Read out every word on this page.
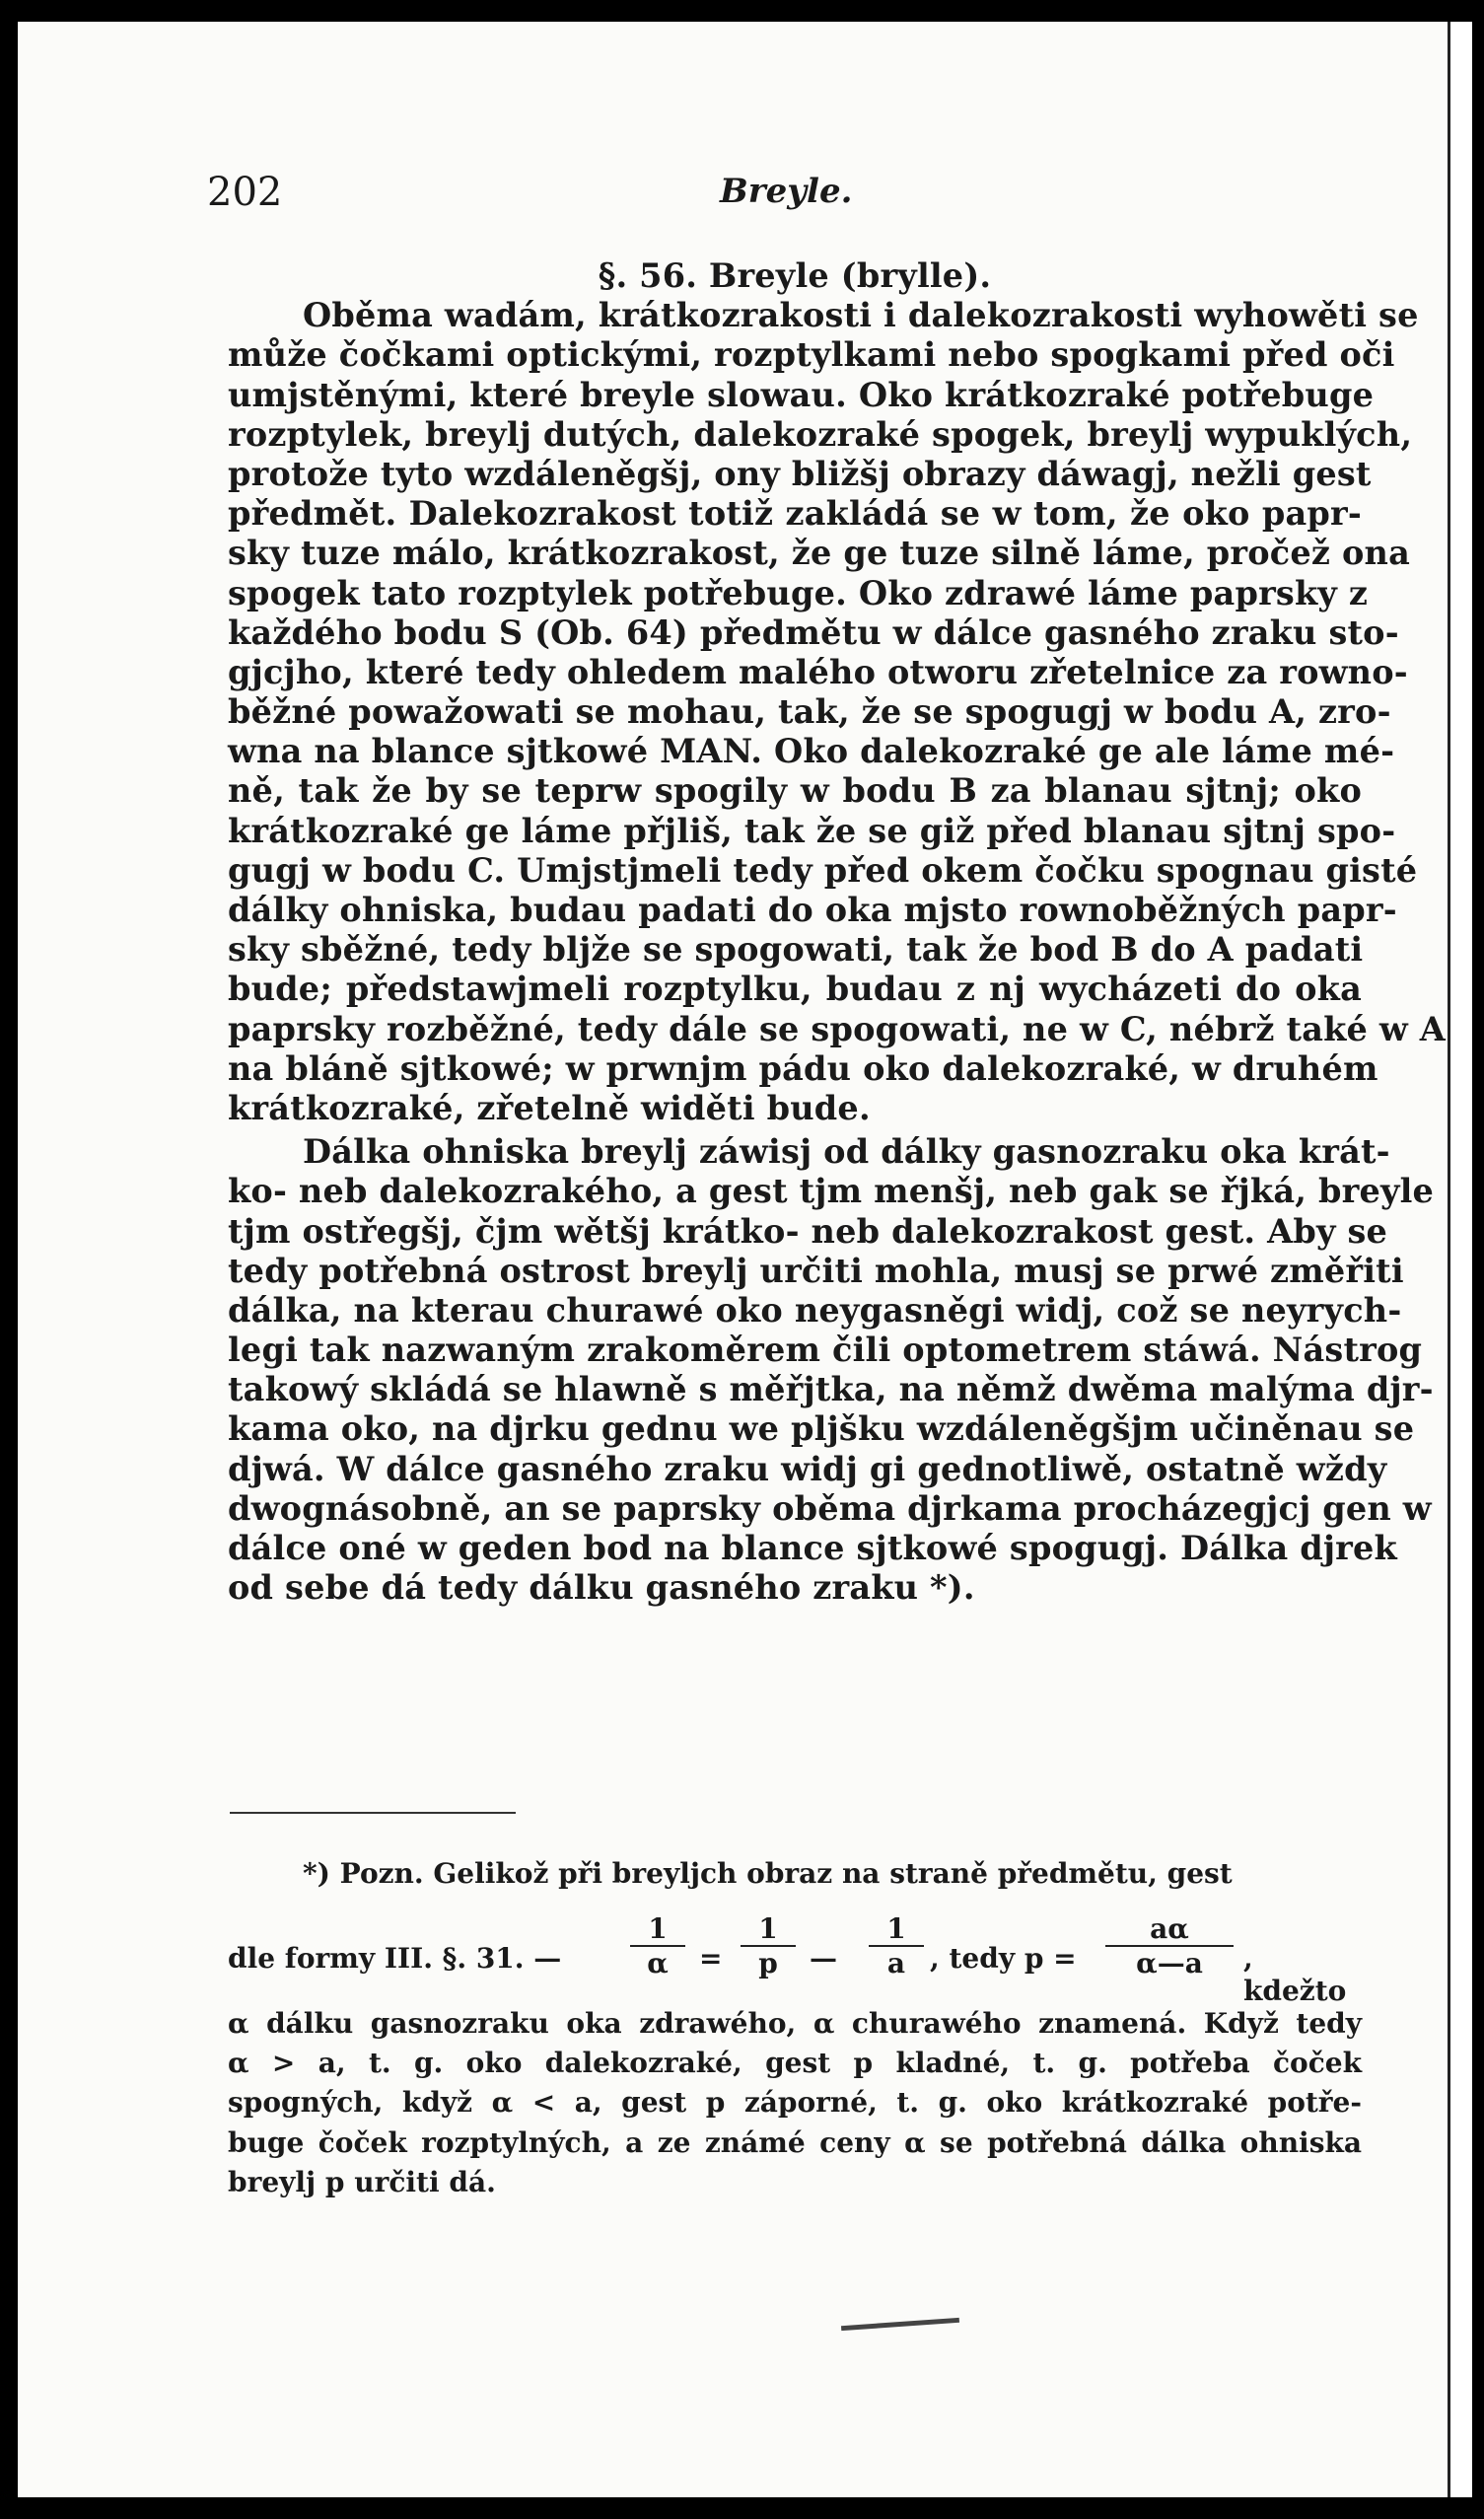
202	Breyle.
§. 56. Breyle (brylle).
Oběma wadám, krátkozrakosti i dalekozrakosti wyhowěti se
může čočkami optickými, rozptylkami nebo spogkami před oči
umjstěnými, které breyle slowau. Oko krátkozraké potřebuge
rozptylek, breylj dutých, dalekozraké spogek, breylj wypuklých,
protože tyto wzdáleněgšj, ony bližšj obrazy dáwagj, nežli gest
předmět. Dalekozrakost totiž zakládá se w tom, že oko papr-
sky tuze málo, krátkozrakost, že ge tuze silně láme, pročež ona
spogek tato rozptylek potřebuge. Oko zdrawé láme paprsky z
každého bodu S (Ob. 64) předmětu w dálce gasného zraku sto-
gjcjho, které tedy ohledem malého otworu zřetelnice za rowno-
běžné powažowati se mohau, tak, že se spogugj w bodu A, zro-
wna na blance sjtkowé MAN. Oko dalekozraké ge ale láme mé-
ně, tak že by se teprw spogily w bodu B za blanau sjtnj; oko
krátkozraké ge láme přjliš, tak že se giž před blanau sjtnj spo-
gugj w bodu C. Umjstjmeli tedy před okem čočku spognau gisté
dálky ohniska, budau padati do oka mjsto rownoběžných papr-
sky sběžné, tedy bljže se spogowati, tak že bod B do A padati
bude; předstawjmeli rozptylku, budau z nj wycházeti do oka
paprsky rozběžné, tedy dále se spogowati, ne w C, nébrž také w A
na bláně sjtkowé; w prwnjm pádu oko dalekozraké, w druhém
krátkozraké, zřetelně widěti bude.
Dálka ohniska breylj záwisj od dálky gasnozraku oka krát-
ko- neb dalekozrakého, a gest tjm menšj, neb gak se řjká, breyle
tjm ostřegšj, čjm wětšj krátko- neb dalekozrakost gest. Aby se
tedy potřebná ostrost breylj určiti mohla, musj se prwé změřiti
dálka, na kterau churawé oko neygasněgi widj, což se neyrych-
legi tak nazwaným zrakoměrem čili optometrem stáwá. Nástrog
takowý skládá se hlawně s měřjtka, na němž dwěma malýma djr-
kama oko, na djrku gednu we pljšku wzdáleněgšjm učiněnau se
djwá. W dálce gasného zraku widj gi gednotliwě, ostatně wždy
dwognásobně, an se paprsky oběma djrkama procházegjcj gen w
dálce oné w geden bod na blance sjtkowé spogugj. Dálka djrek
od sebe dá tedy dálku gasného zraku *).
*) Pozn. Gelikož při breyljch obraz na straně předmětu, gest
dle formy III. §. 31. — $\frac{1}{\alpha} = \frac{1}{p}$ — $\frac{1}{a}$ , tedy $p = \frac{a\alpha}{\alpha—a}$ , kdežto
α dálku gasnozraku oka zdrawého, α churawého znamená. Když tedy
α > a, t. g. oko dalekozraké, gest p kladné, t. g. potřeba čoček
spogných, když α < a, gest p záporné, t. g. oko krátkozraké potře-
buge čoček rozptylných, a ze známé ceny α se potřebná dálka ohniska
breylj p určiti dá.
